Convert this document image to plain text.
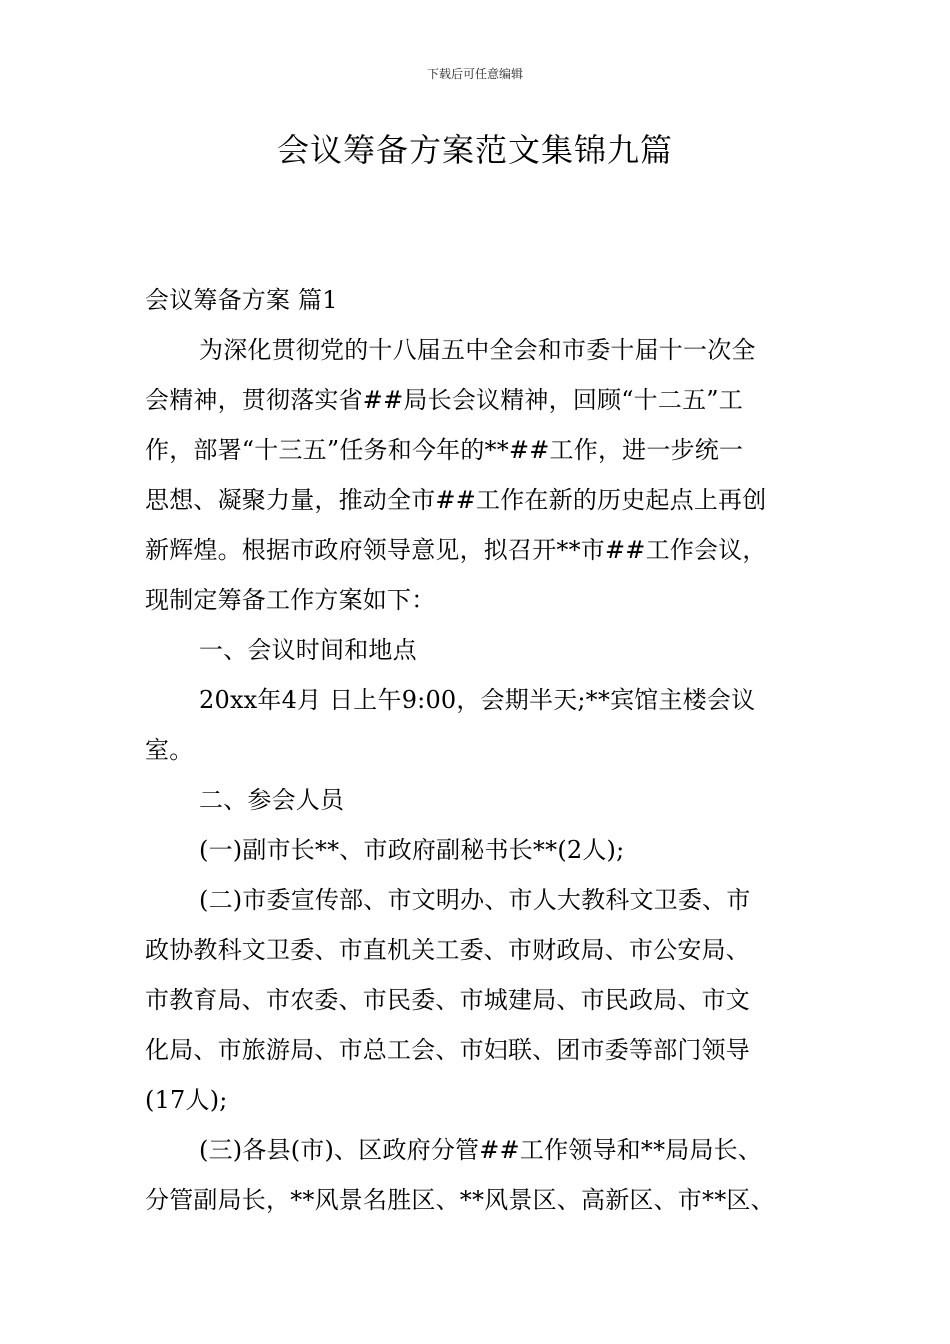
下载后可任意编辑
会议筹备方案范文集锦九篇
会议筹备方案 篇1
为深化贯彻党的十八届五中全会和市委十届十一次全
会精神，贯彻落实省##局长会议精神，回顾“十二五”工
作，部署“十三五”任务和今年的**##工作，进一步统一
思想、凝聚力量，推动全市##工作在新的历史起点上再创
新辉煌。根据市政府领导意见，拟召开**市##工作会议，
现制定筹备工作方案如下：
一、会议时间和地点
20xx年4月 日上午9:00，会期半天;**宾馆主楼会议
室。
二、参会人员
(一)副市长**、市政府副秘书长**(2人);
(二)市委宣传部、市文明办、市人大教科文卫委、市
政协教科文卫委、市直机关工委、市财政局、市公安局、
市教育局、市农委、市民委、市城建局、市民政局、市文
化局、市旅游局、市总工会、市妇联、团市委等部门领导
(17人);
(三)各县(市)、区政府分管##工作领导和**局局长、
分管副局长，**风景名胜区、**风景区、高新区、市**区、
